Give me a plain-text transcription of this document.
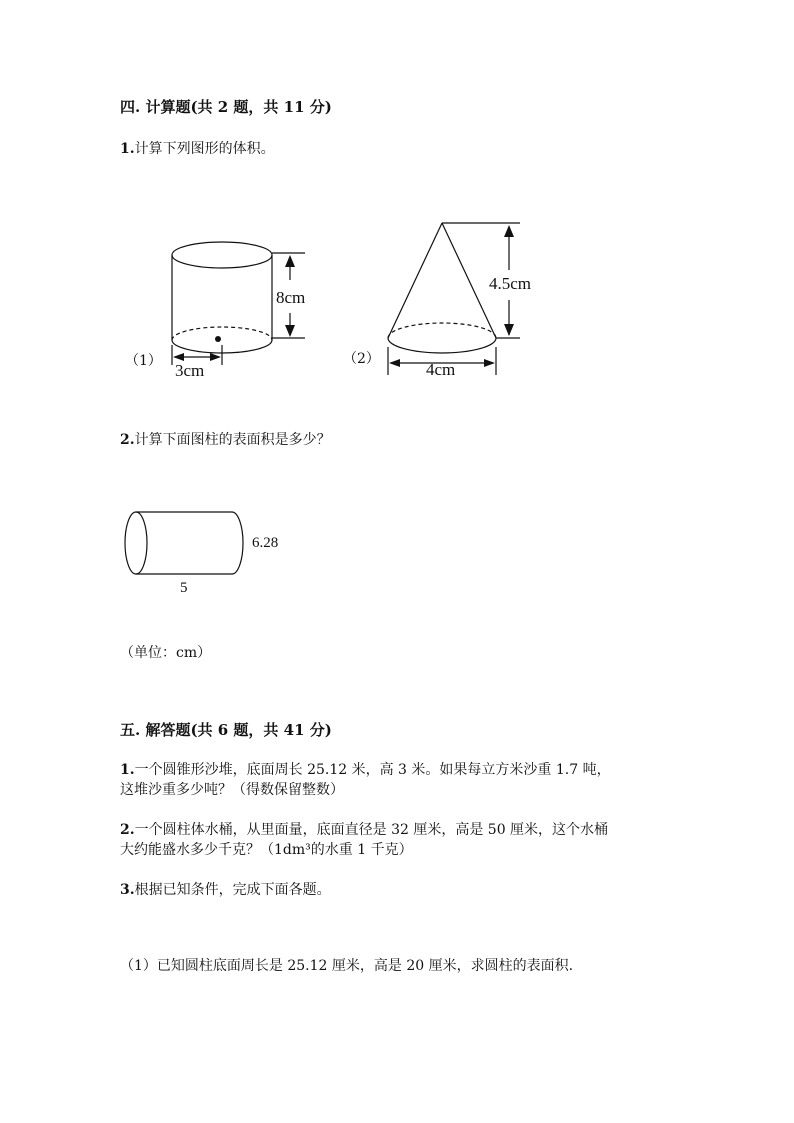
四. 计算题(共 2 题，共 11 分)
1.计算下列图形的体积。
（1）
8cm
3cm
（2）
4.5cm
4cm
2.计算下面图柱的表面积是多少？
6.28
5
（单位：cm）
五. 解答题(共 6 题，共 41 分)
1.一个圆锥形沙堆，底面周长 25.12 米，高 3 米。如果每立方米沙重 1.7 吨，
这堆沙重多少吨？（得数保留整数）
2.一个圆柱体水桶，从里面量，底面直径是 32 厘米，高是 50 厘米，这个水桶
大约能盛水多少千克？（1dm³的水重 1 千克）
3.根据已知条件，完成下面各题。
（1）已知圆柱底面周长是 25.12 厘米，高是 20 厘米，求圆柱的表面积.
